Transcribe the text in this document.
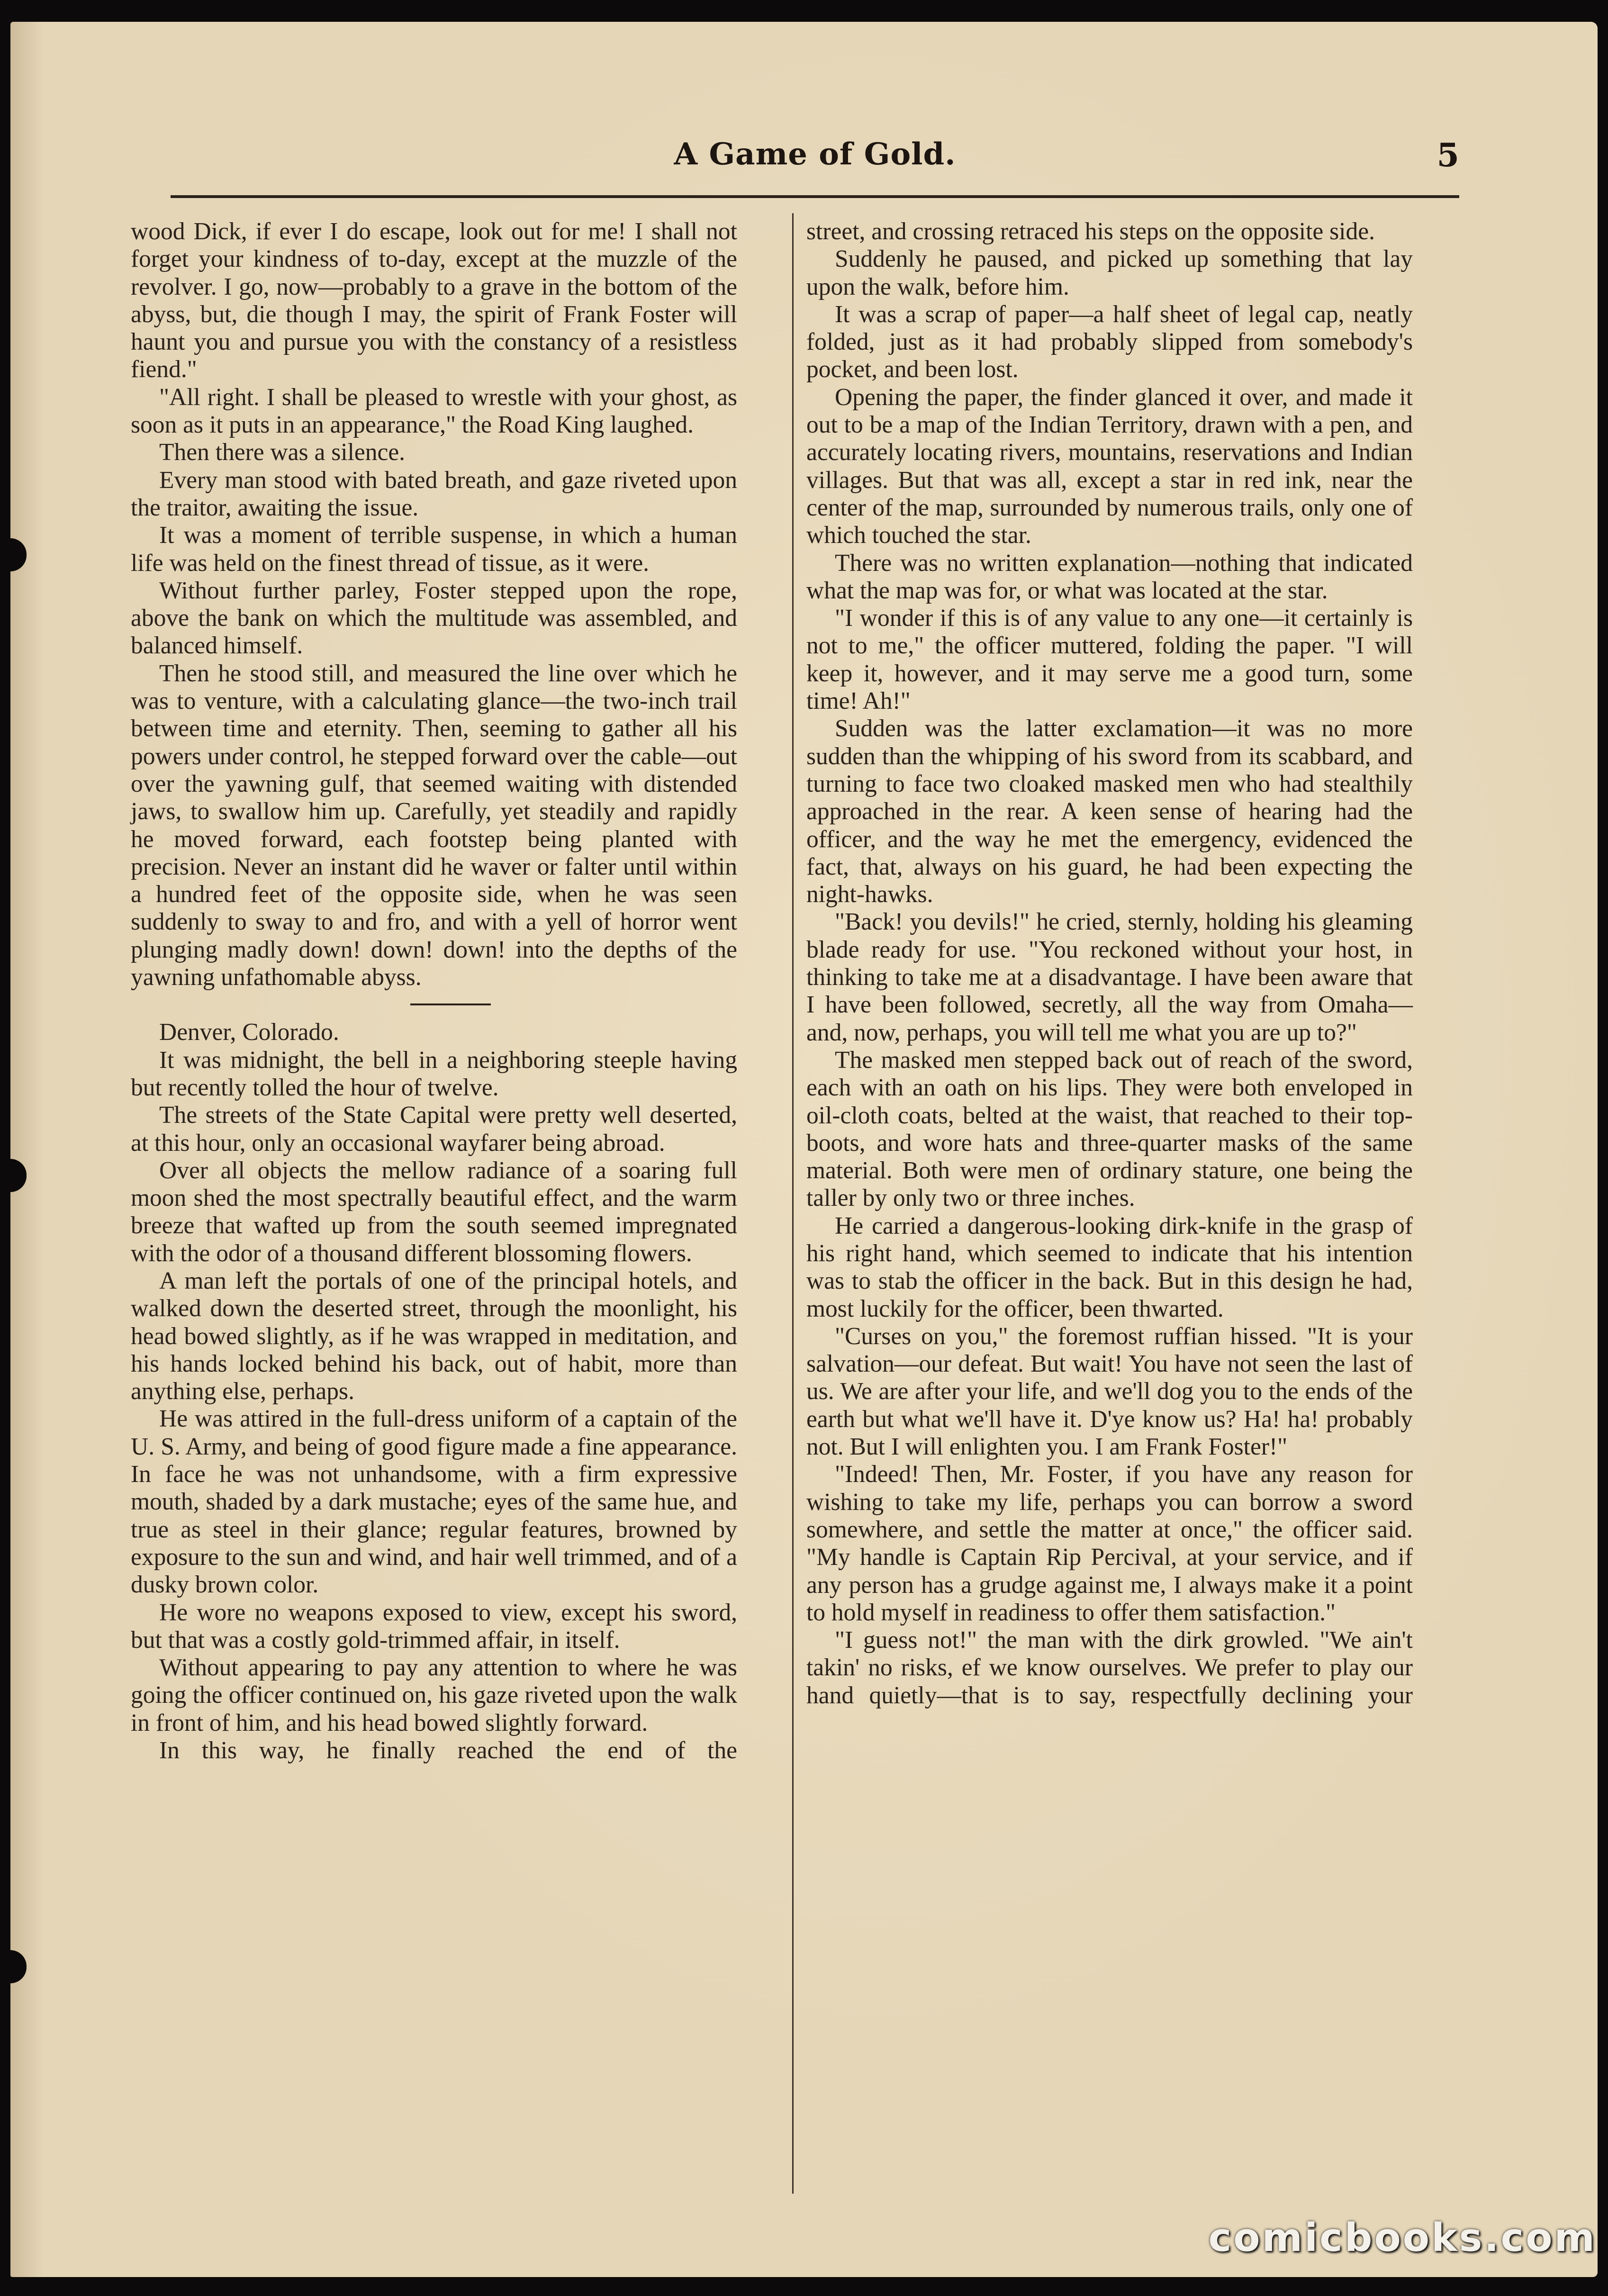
A Game of Gold.	5

wood Dick, if ever I do escape, look out for me! I shall not forget your kindness of to-day, except at the muzzle of the revolver. I go, now—probably to a grave in the bottom of the abyss, but, die though I may, the spirit of Frank Foster will haunt you and pursue you with the constancy of a resistless fiend."

"All right. I shall be pleased to wrestle with your ghost, as soon as it puts in an appearance," the Road King laughed.

Then there was a silence.

Every man stood with bated breath, and gaze riveted upon the traitor, awaiting the issue.

It was a moment of terrible suspense, in which a human life was held on the finest thread of tissue, as it were.

Without further parley, Foster stepped upon the rope, above the bank on which the multitude was assembled, and balanced himself.

Then he stood still, and measured the line over which he was to venture, with a calculating glance—the two-inch trail between time and eternity. Then, seeming to gather all his powers under control, he stepped forward over the cable—out over the yawning gulf, that seemed waiting with distended jaws, to swallow him up. Carefully, yet steadily and rapidly he moved forward, each footstep being planted with precision. Never an instant did he waver or falter until within a hundred feet of the opposite side, when he was seen suddenly to sway to and fro, and with a yell of horror went plunging madly down! down! down! into the depths of the yawning unfathomable abyss.

Denver, Colorado.

It was midnight, the bell in a neighboring steeple having but recently tolled the hour of twelve.

The streets of the State Capital were pretty well deserted, at this hour, only an occasional wayfarer being abroad.

Over all objects the mellow radiance of a soaring full moon shed the most spectrally beautiful effect, and the warm breeze that wafted up from the south seemed impregnated with the odor of a thousand different blossoming flowers.

A man left the portals of one of the principal hotels, and walked down the deserted street, through the moonlight, his head bowed slightly, as if he was wrapped in meditation, and his hands locked behind his back, out of habit, more than anything else, perhaps.

He was attired in the full-dress uniform of a captain of the U. S. Army, and being of good figure made a fine appearance. In face he was not unhandsome, with a firm expressive mouth, shaded by a dark mustache; eyes of the same hue, and true as steel in their glance; regular features, browned by exposure to the sun and wind, and hair well trimmed, and of a dusky brown color.

He wore no weapons exposed to view, except his sword, but that was a costly gold-trimmed affair, in itself.

Without appearing to pay any attention to where he was going the officer continued on, his gaze riveted upon the walk in front of him, and his head bowed slightly forward.

In this way, he finally reached the end of the

street, and crossing retraced his steps on the opposite side.

Suddenly he paused, and picked up something that lay upon the walk, before him.

It was a scrap of paper—a half sheet of legal cap, neatly folded, just as it had probably slipped from somebody's pocket, and been lost.

Opening the paper, the finder glanced it over, and made it out to be a map of the Indian Territory, drawn with a pen, and accurately locating rivers, mountains, reservations and Indian villages. But that was all, except a star in red ink, near the center of the map, surrounded by numerous trails, only one of which touched the star.

There was no written explanation—nothing that indicated what the map was for, or what was located at the star.

"I wonder if this is of any value to any one—it certainly is not to me," the officer muttered, folding the paper. "I will keep it, however, and it may serve me a good turn, some time! Ah!"

Sudden was the latter exclamation—it was no more sudden than the whipping of his sword from its scabbard, and turning to face two cloaked masked men who had stealthily approached in the rear. A keen sense of hearing had the officer, and the way he met the emergency, evidenced the fact, that, always on his guard, he had been expecting the night-hawks.

"Back! you devils!" he cried, sternly, holding his gleaming blade ready for use. "You reckoned without your host, in thinking to take me at a disadvantage. I have been aware that I have been followed, secretly, all the way from Omaha—and, now, perhaps, you will tell me what you are up to?"

The masked men stepped back out of reach of the sword, each with an oath on his lips. They were both enveloped in oil-cloth coats, belted at the waist, that reached to their top-boots, and wore hats and three-quarter masks of the same material. Both were men of ordinary stature, one being the taller by only two or three inches.

He carried a dangerous-looking dirk-knife in the grasp of his right hand, which seemed to indicate that his intention was to stab the officer in the back. But in this design he had, most luckily for the officer, been thwarted.

"Curses on you," the foremost ruffian hissed. "It is your salvation—our defeat. But wait! You have not seen the last of us. We are after your life, and we'll dog you to the ends of the earth but what we'll have it. D'ye know us? Ha! ha! probably not. But I will enlighten you. I am Frank Foster!"

"Indeed! Then, Mr. Foster, if you have any reason for wishing to take my life, perhaps you can borrow a sword somewhere, and settle the matter at once," the officer said. "My handle is Captain Rip Percival, at your service, and if any person has a grudge against me, I always make it a point to hold myself in readiness to offer them satisfaction."

"I guess not!" the man with the dirk growled. "We ain't takin' no risks, ef we know ourselves. We prefer to play our hand quietly—that is to say, respectfully declining your

comicbooks.com
